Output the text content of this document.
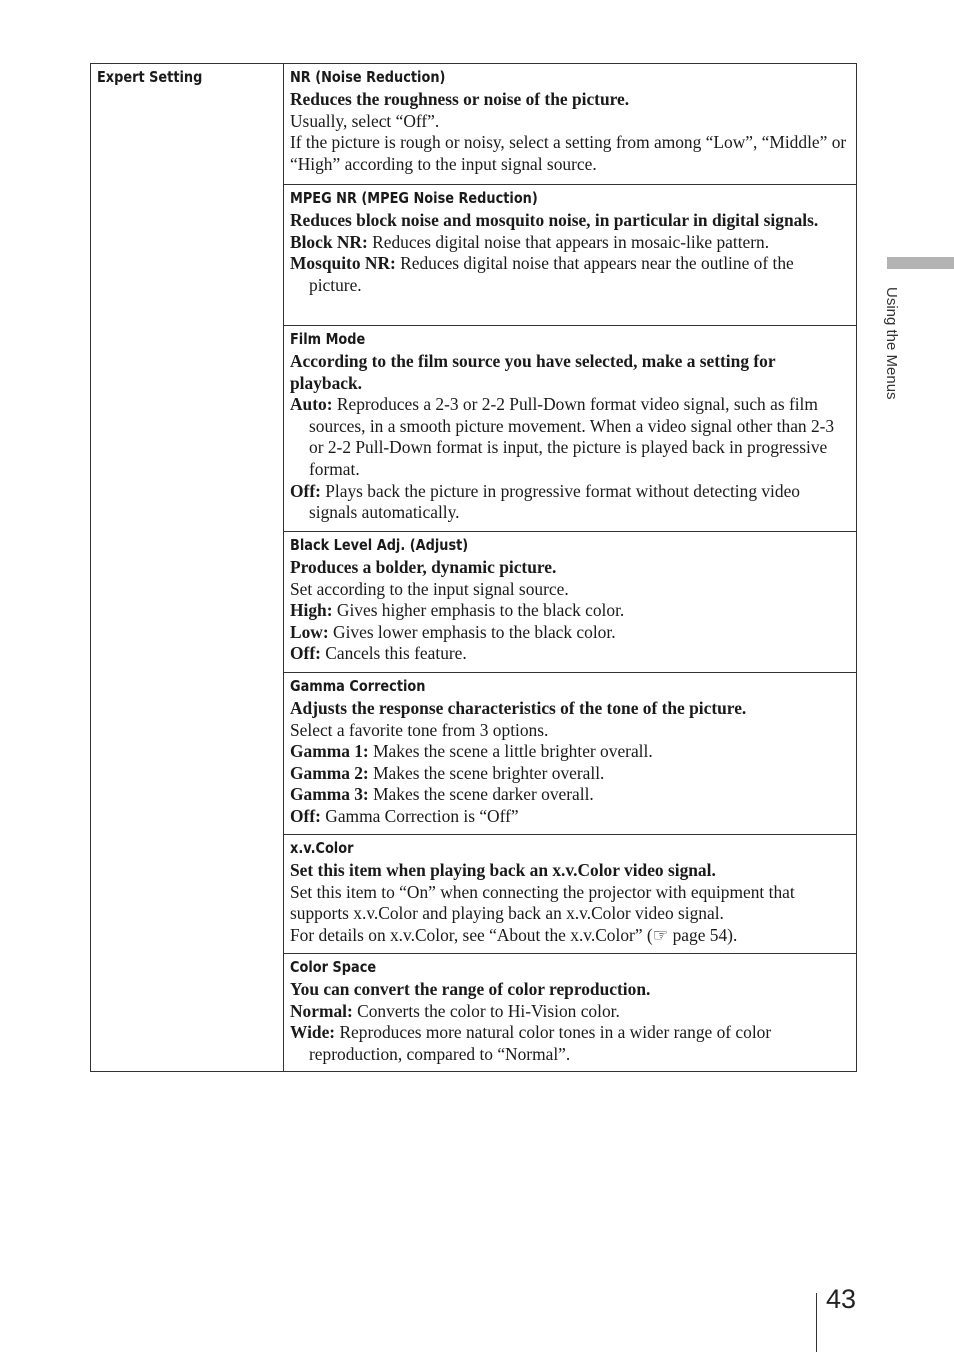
Expert Setting	NR (Noise Reduction)
Reduces the roughness or noise of the picture.
Usually, select “Off”.
If the picture is rough or noisy, select a setting from among “Low”, “Middle” or “High” according to the input signal source.
MPEG NR (MPEG Noise Reduction)
Reduces block noise and mosquito noise, in particular in digital signals.
Block NR: Reduces digital noise that appears in mosaic-like pattern.
Mosquito NR: Reduces digital noise that appears near the outline of the picture.
Film Mode
According to the film source you have selected, make a setting for playback.
Auto: Reproduces a 2-3 or 2-2 Pull-Down format video signal, such as film sources, in a smooth picture movement. When a video signal other than 2-3 or 2-2 Pull-Down format is input, the picture is played back in progressive format.
Off: Plays back the picture in progressive format without detecting video signals automatically.
Black Level Adj. (Adjust)
Produces a bolder, dynamic picture.
Set according to the input signal source.
High: Gives higher emphasis to the black color.
Low: Gives lower emphasis to the black color.
Off: Cancels this feature.
Gamma Correction
Adjusts the response characteristics of the tone of the picture.
Select a favorite tone from 3 options.
Gamma 1: Makes the scene a little brighter overall.
Gamma 2: Makes the scene brighter overall.
Gamma 3: Makes the scene darker overall.
Off: Gamma Correction is “Off”
x.v.Color
Set this item when playing back an x.v.Color video signal.
Set this item to “On” when connecting the projector with equipment that supports x.v.Color and playing back an x.v.Color video signal.
For details on x.v.Color, see “About the x.v.Color” (☞ page 54).
Color Space
You can convert the range of color reproduction.
Normal: Converts the color to Hi-Vision color.
Wide: Reproduces more natural color tones in a wider range of color reproduction, compared to “Normal”.
Using the Menus
43
